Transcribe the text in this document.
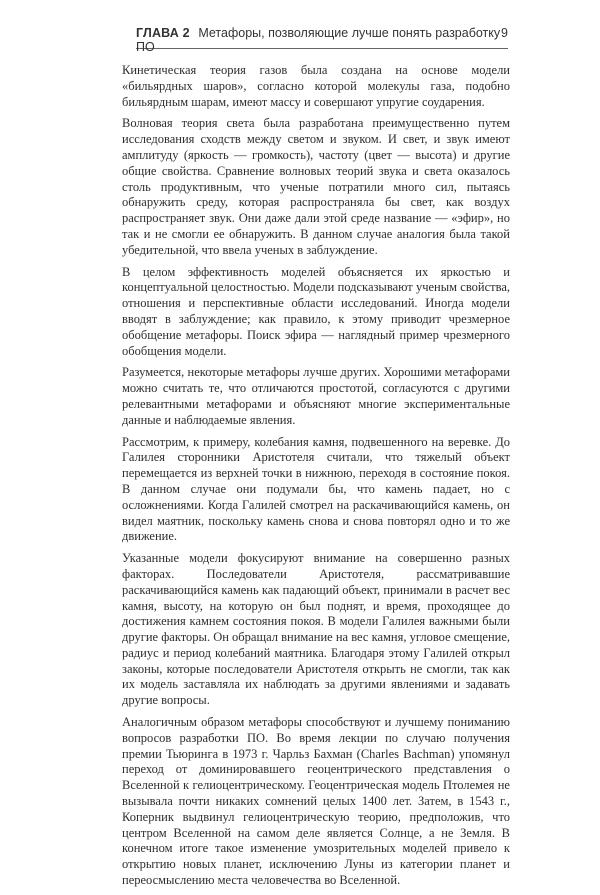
ГЛАВА 2 Метафоры, позволяющие лучше понять разработку ПО
9

Кинетическая теория газов была создана на основе модели «бильярдных шаров», согласно которой молекулы газа, подобно бильярдным шарам, имеют массу и совершают упругие соударения.

Волновая теория света была разработана преимущественно путем исследования сходств между светом и звуком. И свет, и звук имеют амплитуду (яркость — громкость), частоту (цвет — высота) и другие общие свойства. Сравнение волновых теорий звука и света оказалось столь продуктивным, что ученые потратили много сил, пытаясь обнаружить среду, которая распространяла бы свет, как воздух распространяет звук. Они даже дали этой среде название — «эфир», но так и не смогли ее обнаружить. В данном случае аналогия была такой убедительной, что ввела ученых в заблуждение.

В целом эффективность моделей объясняется их яркостью и концептуальной целостностью. Модели подсказывают ученым свойства, отношения и перспективные области исследований. Иногда модели вводят в заблуждение; как правило, к этому приводит чрезмерное обобщение метафоры. Поиск эфира — наглядный пример чрезмерного обобщения модели.

Разумеется, некоторые метафоры лучше других. Хорошими метафорами можно считать те, что отличаются простотой, согласуются с другими релевантными метафорами и объясняют многие экспериментальные данные и наблюдаемые явления.

Рассмотрим, к примеру, колебания камня, подвешенного на веревке. До Галилея сторонники Аристотеля считали, что тяжелый объект перемещается из верхней точки в нижнюю, переходя в состояние покоя. В данном случае они подумали бы, что камень падает, но с осложнениями. Когда Галилей смотрел на раскачивающийся камень, он видел маятник, поскольку камень снова и снова повторял одно и то же движение.

Указанные модели фокусируют внимание на совершенно разных факторах. Последователи Аристотеля, рассматривавшие раскачивающийся камень как падающий объект, принимали в расчет вес камня, высоту, на которую он был поднят, и время, проходящее до достижения камнем состояния покоя. В модели Галилея важными были другие факторы. Он обращал внимание на вес камня, угловое смещение, радиус и период колебаний маятника. Благодаря этому Галилей открыл законы, которые последователи Аристотеля открыть не смогли, так как их модель заставляла их наблюдать за другими явлениями и задавать другие вопросы.

Аналогичным образом метафоры способствуют и лучшему пониманию вопросов разработки ПО. Во время лекции по случаю получения премии Тьюринга в 1973 г. Чарльз Бахман (Charles Bachman) упомянул переход от доминировавшего геоцентрического представления о Вселенной к гелиоцентрическому. Геоцентрическая модель Птолемея не вызывала почти никаких сомнений целых 1400 лет. Затем, в 1543 г., Коперник выдвинул гелиоцентрическую теорию, предположив, что центром Вселенной на самом деле является Солнце, а не Земля. В конечном итоге такое изменение умозрительных моделей привело к открытию новых планет, исключению Луны из категории планет и переосмыслению места человечества во Вселенной.
